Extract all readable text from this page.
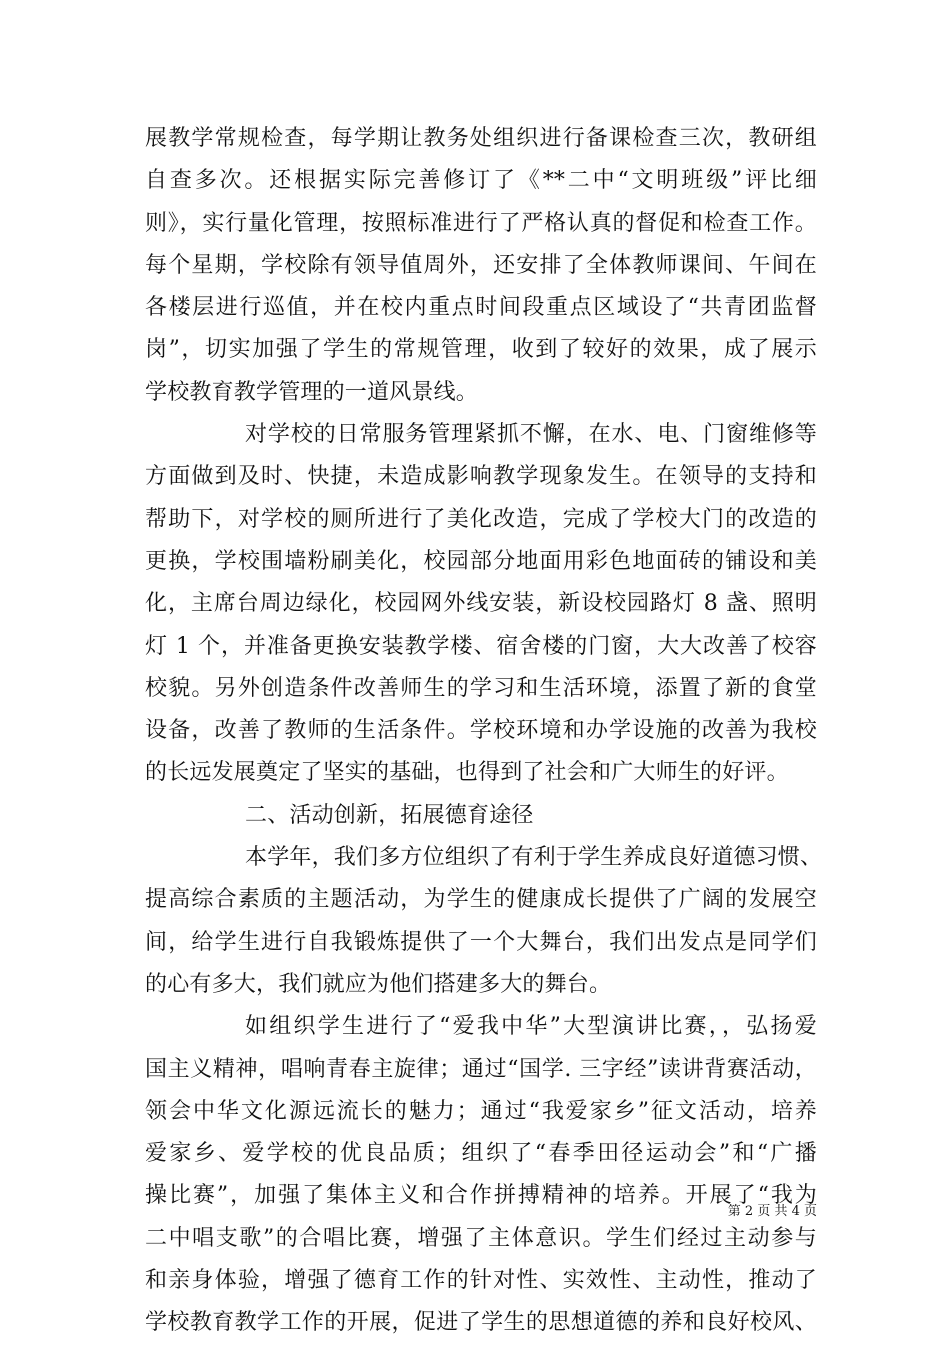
展教学常规检查，每学期让教务处组织进行备课检查三次，教研组
自查多次。还根据实际完善修订了《**二中“文明班级”评比细
则》，实行量化管理，按照标准进行了严格认真的督促和检查工作。
每个星期，学校除有领导值周外，还安排了全体教师课间、午间在
各楼层进行巡值，并在校内重点时间段重点区域设了“共青团监督
岗”，切实加强了学生的常规管理，收到了较好的效果，成了展示
学校教育教学管理的一道风景线。
对学校的日常服务管理紧抓不懈，在水、电、门窗维修等
方面做到及时、快捷，未造成影响教学现象发生。在领导的支持和
帮助下，对学校的厕所进行了美化改造，完成了学校大门的改造的
更换，学校围墙粉刷美化，校园部分地面用彩色地面砖的铺设和美
化，主席台周边绿化，校园网外线安装，新设校园路灯 8 盏、照明
灯 1 个，并准备更换安装教学楼、宿舍楼的门窗，大大改善了校容
校貌。另外创造条件改善师生的学习和生活环境，添置了新的食堂
设备，改善了教师的生活条件。学校环境和办学设施的改善为我校
的长远发展奠定了坚实的基础，也得到了社会和广大师生的好评。
二、活动创新，拓展德育途径
本学年，我们多方位组织了有利于学生养成良好道德习惯、
提高综合素质的主题活动，为学生的健康成长提供了广阔的发展空
间，给学生进行自我锻炼提供了一个大舞台，我们出发点是同学们
的心有多大，我们就应为他们搭建多大的舞台。
如组织学生进行了“爱我中华”大型演讲比赛，，弘扬爱
国主义精神，唱响青春主旋律；通过“国学. 三字经”读讲背赛活动，
领会中华文化源远流长的魅力；通过“我爱家乡”征文活动，培养
爱家乡、爱学校的优良品质；组织了“春季田径运动会”和“广播
操比赛”，加强了集体主义和合作拼搏精神的培养。开展了“我为
二中唱支歌”的合唱比赛，增强了主体意识。学生们经过主动参与
和亲身体验，增强了德育工作的针对性、实效性、主动性，推动了
学校教育教学工作的开展，促进了学生的思想道德的养和良好校风、
第 2 页 共 4 页
